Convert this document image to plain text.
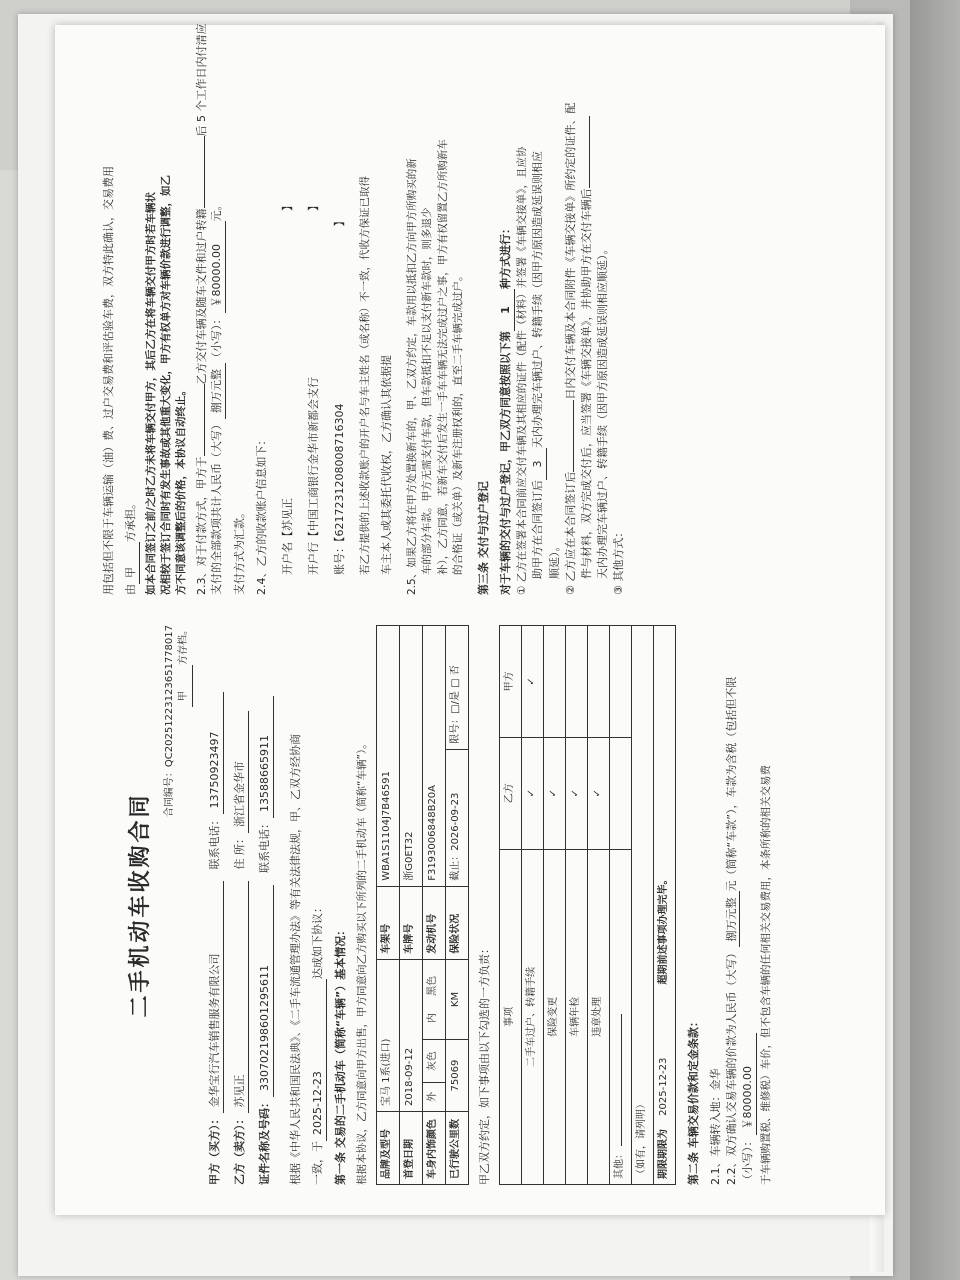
二手机动车收购合同
合同编号：
QC20251223123651778017 甲
方存档。
甲方（买方）：
金华宝行汽车销售服务有限公司
联系电话：
13750923497
乙方（卖方）：
苏见正
住 所：
浙江省金华市
证件名称及号码：
330702198601295611
联系电话：
13588665911 根据《中华人民共和国民法典》、《二手车流通管理办法》等有关法律法规，甲、乙双方经协商 一致，于
2025-12-23
达成如下协议： 第一条 交易的二手机动车（简称“车辆”）基本情况： 根据本协议，乙方同意向甲方出售，甲方同意向乙方购买以下所列的二手机动车（简称“车辆”）。 品牌及型号	宝马 1系(进口)			车架号	WBA1S1104J7B46591	
首登日期	2018-09-12			车牌号	浙G0ET32	
车身内饰颜色	外	灰色	内 黑色	发动机号	F3193006848B20A	
已行驶公里数	75069		KM	保险状况	截止：2026-09-23	限号：□/是 □ 否
甲乙双方约定，如下事项由以下勾选的一方负责： 事项	乙方	甲方
二手车过户、转籍手续	✓	✓
保险变更	✓	
车辆年检	✓	
违章处理	✓	
其他：		
（如有，请列明）		
期限期限为 2025-12-23 超期前述事项办理完毕。		
第二条 车辆交易价款和定金条款： 2.1、车辆转入地：
金华 2.2、双方确认交易车辆的价款为人民币（大写）
捌万元整
元（简称“车款”），车款为含税（包括但不限
（小写）：
￥80000.00 于车辆购置税、维修税）车价，但不包含车辆的任何相关交易费用，本条所称的相关交易费
用包括但不限于车辆运输（油）费、过户交易费和评估验车费，双方特此确认，交易费用 由
甲
方承担。 如本合同签订之前/之时乙方未将车辆交付甲方，其后乙方在将车辆交付甲方时若车辆状 况相较于签订合同时有发生事故或其他重大变化，甲方有权单方对车辆价款进行调整，如乙 方不同意该调整后的价格，本协议自动终止。 2.3、对于付款方式，甲方于
乙方交付车辆及随车文件和过户转籍
后 5 个工作日内付清应
支付的全部款项共计人民币（大写）
捌万元整
（小写）：
￥80000.00
元。
支付方式为汇款。 2.4、乙方的收款账户信息如下： 开户名【
苏见正
】
开户行【
中国工商银行金华市新都会支行
】
账号：【
6217231208008716304
】 若乙方提供的上述收款账户的开户名与车主姓名（或名称）不一致，代收方保证已取得 车主本人或其委托代收权，乙方确认其依据提 2.5、如果乙方将在甲方处置换新车的，甲、乙双方约定，车款用以抵扣乙方向甲方所购买的新 车的部分车款。甲方无需支付车款，但车款抵扣不足以支付新车款时，则多退少 补），乙方同意，若新车交付后发生一手车车辆无法完成过户之事，甲方有权留置乙方所购新车 的合格证（或关单）及新车注册权利的，直至二手车辆完成过户。 第三条 交付与过户登记 对于车辆的交付与过户登记，甲乙双方同意按照以下第
1
种方式进行： ① 乙方在签署本合同前应交付车辆及其相应的证件（配件（材料）并签署《车辆交接单》，且应协 助甲方在合同签订后
3
天内办理完车辆过户、转籍手续（因甲方原因造成延误则相应
顺延）。 ② 乙方应在本合同签订后
日内交付车辆及本合同附件《车辆交接单》所约定的证件、配 件与材料，双方完成交付后，应当签署《车辆交接单》，并协助甲方在交付车辆后 天内办理完车辆过户、转籍手续（因甲方原因造成延误则相应顺延）。 ③ 其他方式：
